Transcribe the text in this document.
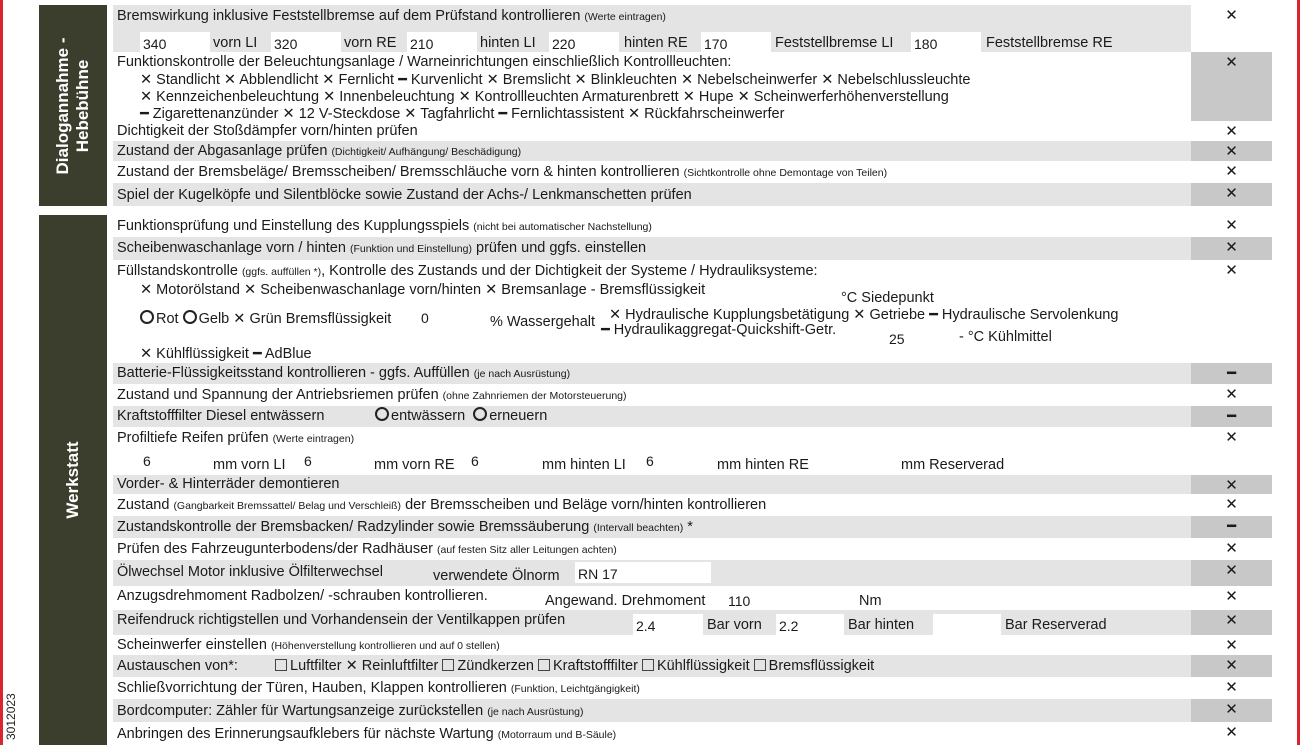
3012023
Dialogannahme -
Hebebühne
Werkstatt
Bremswirkung inklusive Feststellbremse auf dem Prüfstand kontrollieren (Werte eintragen)
340	vorn LI 320	vorn RE 210	hinten LI 220	hinten RE 170	Feststellbremse LI 180	Feststellbremse RE
✕
Funktionskontrolle der Beleuchtungsanlage / Warneinrichtungen einschließlich Kontrollleuchten:
✕ Standlicht ✕ Abblendlicht ✕ Fernlicht ━ Kurvenlicht ✕ Bremslicht ✕ Blinkleuchten ✕ Nebelscheinwerfer ✕ Nebelschlussleuchte
✕ Kennzeichenbeleuchtung ✕ Innenbeleuchtung ✕ Kontrollleuchten Armaturenbrett ✕ Hupe ✕ Scheinwerferhöhenverstellung
━ Zigarettenanzünder ✕ 12 V-Steckdose ✕ Tagfahrlicht ━ Fernlichtassistent ✕ Rückfahrscheinwerfer
✕
Dichtigkeit der Stoßdämpfer vorn/hinten prüfen	✕
Zustand der Abgasanlage prüfen (Dichtigkeit/ Aufhängung/ Beschädigung)	✕
Zustand der Bremsbeläge/ Bremsscheiben/ Bremsschläuche vorn & hinten kontrollieren (Sichtkontrolle ohne Demontage von Teilen)	✕
Spiel der Kugelköpfe und Silentblöcke sowie Zustand der Achs-/ Lenkmanschetten prüfen	✕
Funktionsprüfung und Einstellung des Kupplungsspiels (nicht bei automatischer Nachstellung)	✕
Scheibenwaschanlage vorn / hinten (Funktion und Einstellung) prüfen und ggfs. einstellen	✕
Füllstandskontrolle (ggfs. auffüllen *), Kontrolle des Zustands und der Dichtigkeit der Systeme / Hydrauliksysteme:
✕ Motorölstand ✕ Scheibenwaschanlage vorn/hinten ✕ Bremsanlage - Bremsflüssigkeit	°C Siedepunkt
Rot Gelb ✕ Grün Bremsflüssigkeit 0	% Wassergehalt ✕ Hydraulische Kupplungsbetätigung ✕ Getriebe ━ Hydraulische Servolenkung
━ Hydraulikaggregat-Quickshift-Getr.
25	- °C Kühlmittel
✕ Kühlflüssigkeit ━ AdBlue
✕
Batterie-Flüssigkeitsstand kontrollieren - ggfs. Auffüllen (je nach Ausrüstung)	━
Zustand und Spannung der Antriebsriemen prüfen (ohne Zahnriemen der Motorsteuerung)	✕
Kraftstofffilter Diesel entwässern	entwässern erneuern	━
Profiltiefe Reifen prüfen (Werte eintragen)
6	mm vorn LI 6	mm vorn RE 6	mm hinten LI 6	mm hinten RE	mm Reserverad
✕
Vorder- & Hinterräder demontieren	✕
Zustand (Gangbarkeit Bremssattel/ Belag und Verschleiß) der Bremsscheiben und Beläge vorn/hinten kontrollieren	✕
Zustandskontrolle der Bremsbacken/ Radzylinder sowie Bremssäuberung (Intervall beachten) *	━
Prüfen des Fahrzeugunterbodens/der Radhäuser (auf festen Sitz aller Leitungen achten)	✕
Ölwechsel Motor inklusive Ölfilterwechsel	verwendete Ölnorm RN 17	✕
Anzugsdrehmoment Radbolzen/ -schrauben kontrollieren.	Angewand. Drehmoment 110	Nm	✕
Reifendruck richtigstellen und Vorhandensein der Ventilkappen prüfen	2.4	Bar vorn 2.2	Bar hinten	Bar Reserverad	✕
Scheinwerfer einstellen (Höhenverstellung kontrollieren und auf 0 stellen)	✕
Austauschen von*:	Luftfilter ✕ Reinluftfilter Zündkerzen Kraftstofffilter Kühlflüssigkeit Bremsflüssigkeit	✕
Schließvorrichtung der Türen, Hauben, Klappen kontrollieren (Funktion, Leichtgängigkeit)	✕
Bordcomputer: Zähler für Wartungsanzeige zurückstellen (je nach Ausrüstung)	✕
Anbringen des Erinnerungsaufklebers für nächste Wartung (Motorraum und B-Säule)	✕
